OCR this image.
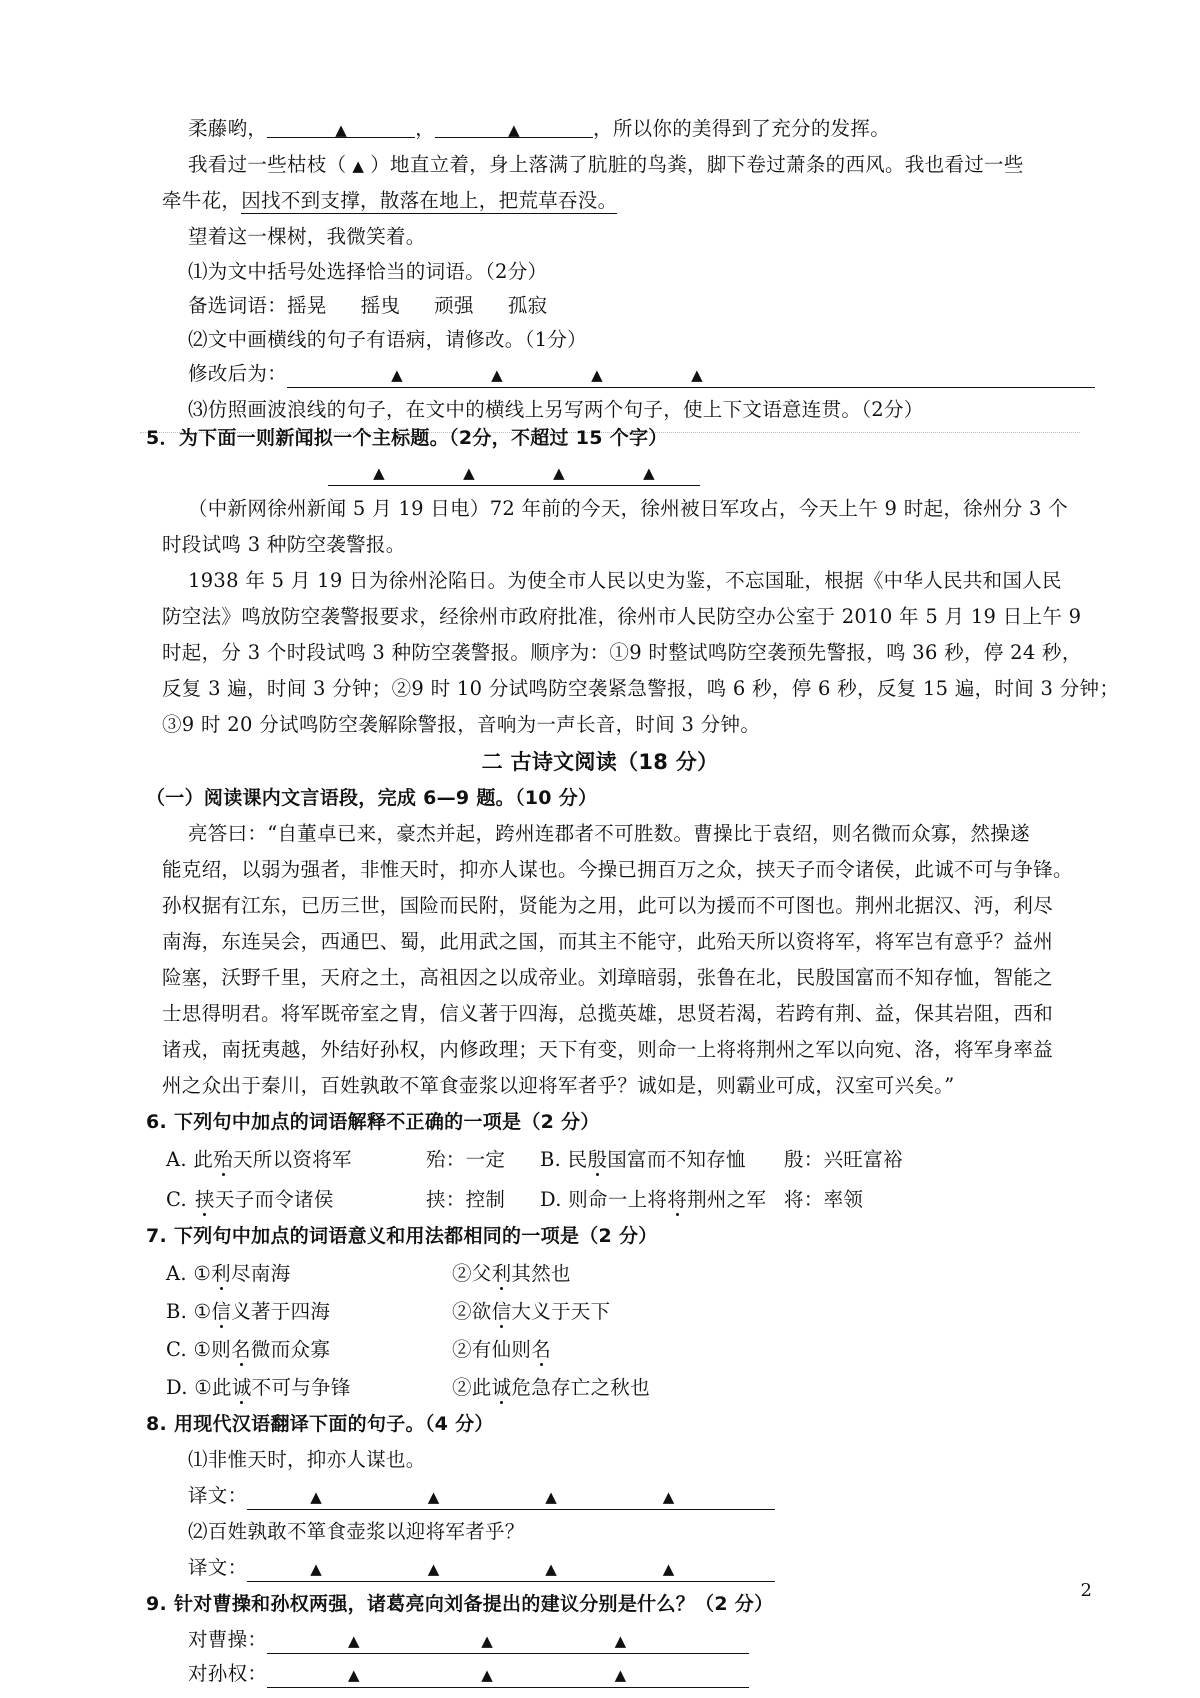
柔藤哟，	▲	，	▲	，所以你的美得到了充分的发挥。
我看过一些枯枝（ ▲ ）地直立着，身上落满了肮脏的鸟粪，脚下卷过萧条的西风。我也看过一些
牵牛花，因找不到支撑，散落在地上，把荒草吞没。
望着这一棵树，我微笑着。
⑴为文中括号处选择恰当的词语。（2分）
备选词语：摇晃 摇曳 顽强 孤寂
⑵文中画横线的句子有语病，请修改。（1分）
修改后为：	▲	▲	▲	▲
⑶仿照画波浪线的句子，在文中的横线上另写两个句子，使上下文语意连贯。（2分）
5．为下面一则新闻拟一个主标题。（2分，不超过 15 个字）
▲	▲	▲	▲
（中新网徐州新闻 5 月 19 日电）72 年前的今天，徐州被日军攻占，今天上午 9 时起，徐州分 3 个
时段试鸣 3 种防空袭警报。
1938 年 5 月 19 日为徐州沦陷日。为使全市人民以史为鉴，不忘国耻，根据《中华人民共和国人民
防空法》鸣放防空袭警报要求，经徐州市政府批准，徐州市人民防空办公室于 2010 年 5 月 19 日上午 9
时起，分 3 个时段试鸣 3 种防空袭警报。顺序为：①9 时整试鸣防空袭预先警报，鸣 36 秒，停 24 秒，
反复 3 遍，时间 3 分钟；②9 时 10 分试鸣防空袭紧急警报，鸣 6 秒，停 6 秒，反复 15 遍，时间 3 分钟；
③9 时 20 分试鸣防空袭解除警报，音响为一声长音，时间 3 分钟。
二 古诗文阅读（18 分）
（一）阅读课内文言语段，完成 6—9 题。（10 分）
亮答曰：“自董卓已来，豪杰并起，跨州连郡者不可胜数。曹操比于袁绍，则名微而众寡，然操遂
能克绍，以弱为强者，非惟天时，抑亦人谋也。今操已拥百万之众，挟天子而令诸侯，此诚不可与争锋。
孙权据有江东，已历三世，国险而民附，贤能为之用，此可以为援而不可图也。荆州北据汉、沔，利尽
南海，东连吴会，西通巴、蜀，此用武之国，而其主不能守，此殆天所以资将军，将军岂有意乎？益州
险塞，沃野千里，天府之土，高祖因之以成帝业。刘璋暗弱，张鲁在北，民殷国富而不知存恤，智能之
士思得明君。将军既帝室之胄，信义著于四海，总揽英雄，思贤若渴，若跨有荆、益，保其岩阻，西和
诸戎，南抚夷越，外结好孙权，内修政理；天下有变，则命一上将将荆州之军以向宛、洛，将军身率益
州之众出于秦川，百姓孰敢不箪食壶浆以迎将军者乎？诚如是，则霸业可成，汉室可兴矣。”
6. 下列句中加点的词语解释不正确的一项是（2 分）
A. 此殆天所以资将军	殆：一定 B. 民殷国富而不知存恤 殷：兴旺富裕
C. 挟天子而令诸侯	挟：控制 D. 则命一上将将荆州之军 将：率领
7. 下列句中加点的词语意义和用法都相同的一项是（2 分）
A. ①利尽南海	②父利其然也
B. ①信义著于四海	②欲信大义于天下
C. ①则名微而众寡	②有仙则名
D. ①此诚不可与争锋	②此诚危急存亡之秋也
8. 用现代汉语翻译下面的句子。（4 分）
⑴非惟天时，抑亦人谋也。
译文：	▲	▲	▲	▲
⑵百姓孰敢不箪食壶浆以迎将军者乎？
译文：	▲	▲	▲	▲
9. 针对曹操和孙权两强，诸葛亮向刘备提出的建议分别是什么？（2 分）
对曹操：	▲	▲	▲
对孙权：	▲	▲	▲
2
